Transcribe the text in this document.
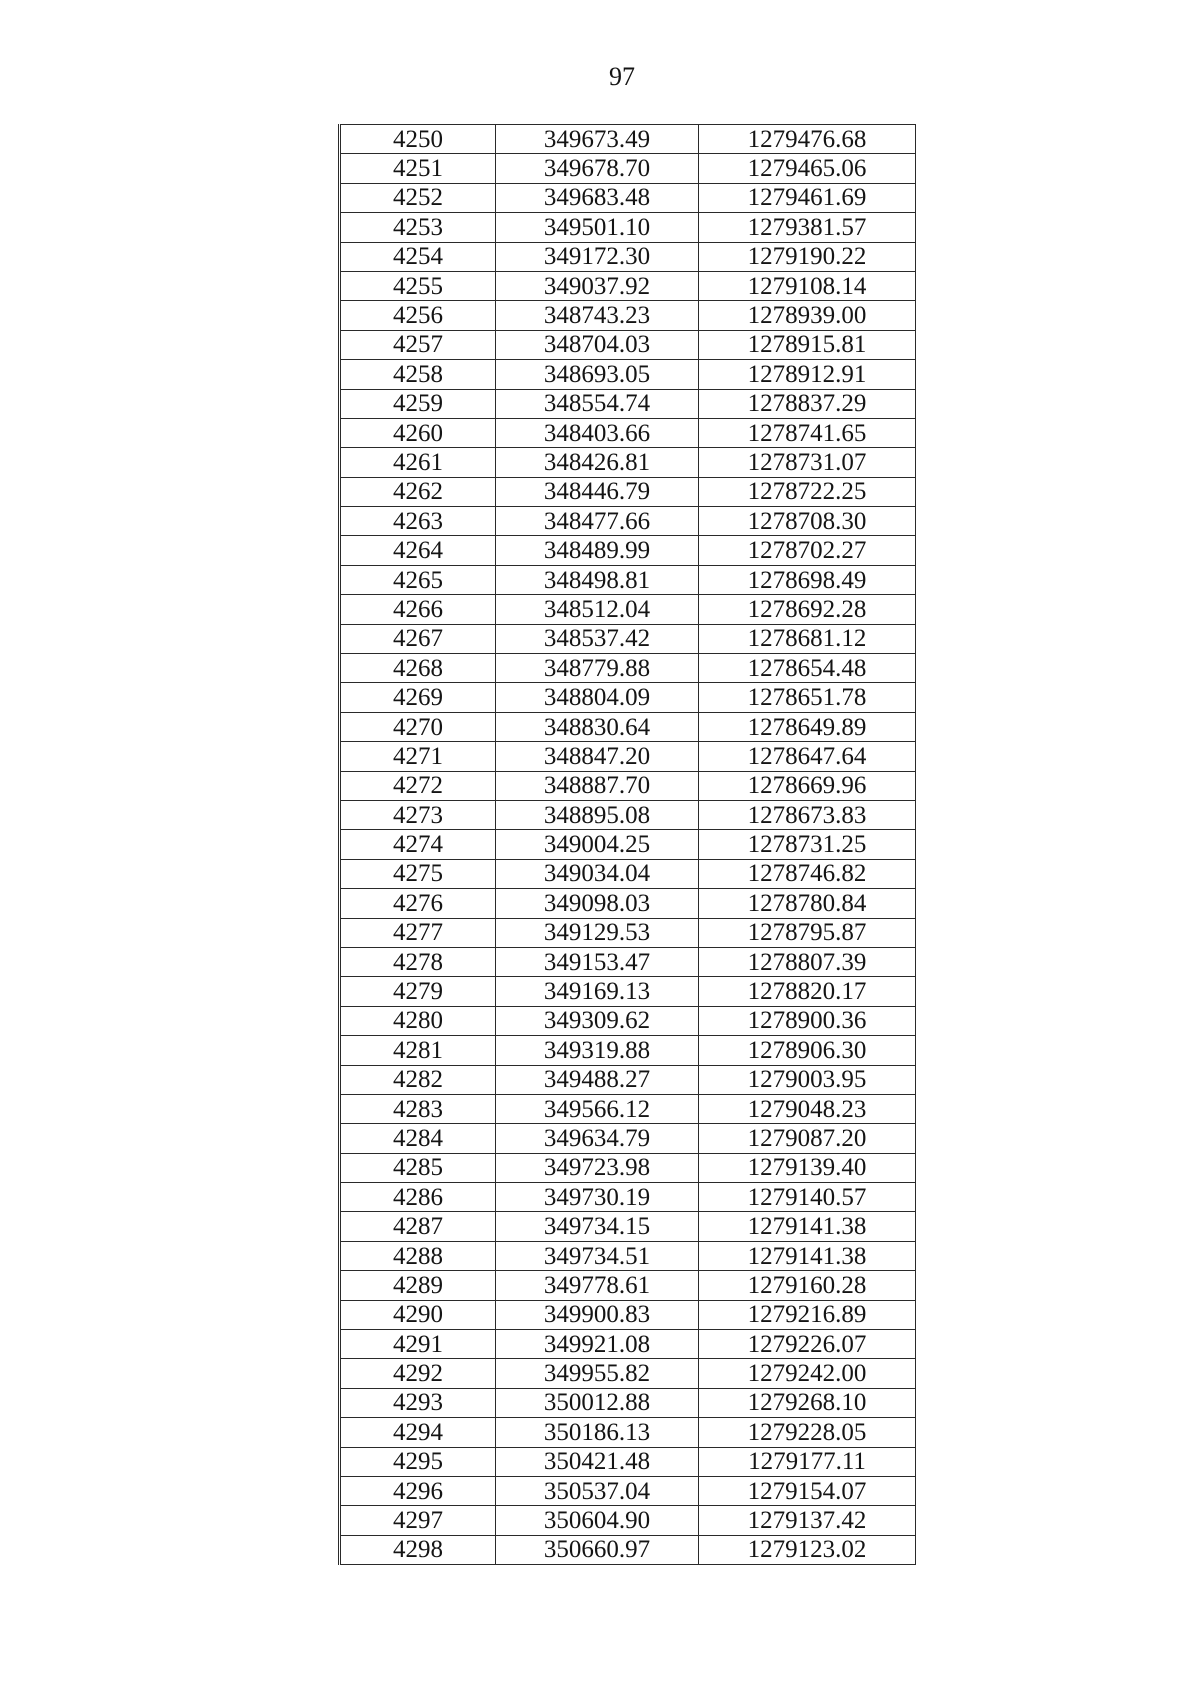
97
4250	349673.49	1279476.68
4251	349678.70	1279465.06
4252	349683.48	1279461.69
4253	349501.10	1279381.57
4254	349172.30	1279190.22
4255	349037.92	1279108.14
4256	348743.23	1278939.00
4257	348704.03	1278915.81
4258	348693.05	1278912.91
4259	348554.74	1278837.29
4260	348403.66	1278741.65
4261	348426.81	1278731.07
4262	348446.79	1278722.25
4263	348477.66	1278708.30
4264	348489.99	1278702.27
4265	348498.81	1278698.49
4266	348512.04	1278692.28
4267	348537.42	1278681.12
4268	348779.88	1278654.48
4269	348804.09	1278651.78
4270	348830.64	1278649.89
4271	348847.20	1278647.64
4272	348887.70	1278669.96
4273	348895.08	1278673.83
4274	349004.25	1278731.25
4275	349034.04	1278746.82
4276	349098.03	1278780.84
4277	349129.53	1278795.87
4278	349153.47	1278807.39
4279	349169.13	1278820.17
4280	349309.62	1278900.36
4281	349319.88	1278906.30
4282	349488.27	1279003.95
4283	349566.12	1279048.23
4284	349634.79	1279087.20
4285	349723.98	1279139.40
4286	349730.19	1279140.57
4287	349734.15	1279141.38
4288	349734.51	1279141.38
4289	349778.61	1279160.28
4290	349900.83	1279216.89
4291	349921.08	1279226.07
4292	349955.82	1279242.00
4293	350012.88	1279268.10
4294	350186.13	1279228.05
4295	350421.48	1279177.11
4296	350537.04	1279154.07
4297	350604.90	1279137.42
4298	350660.97	1279123.02
